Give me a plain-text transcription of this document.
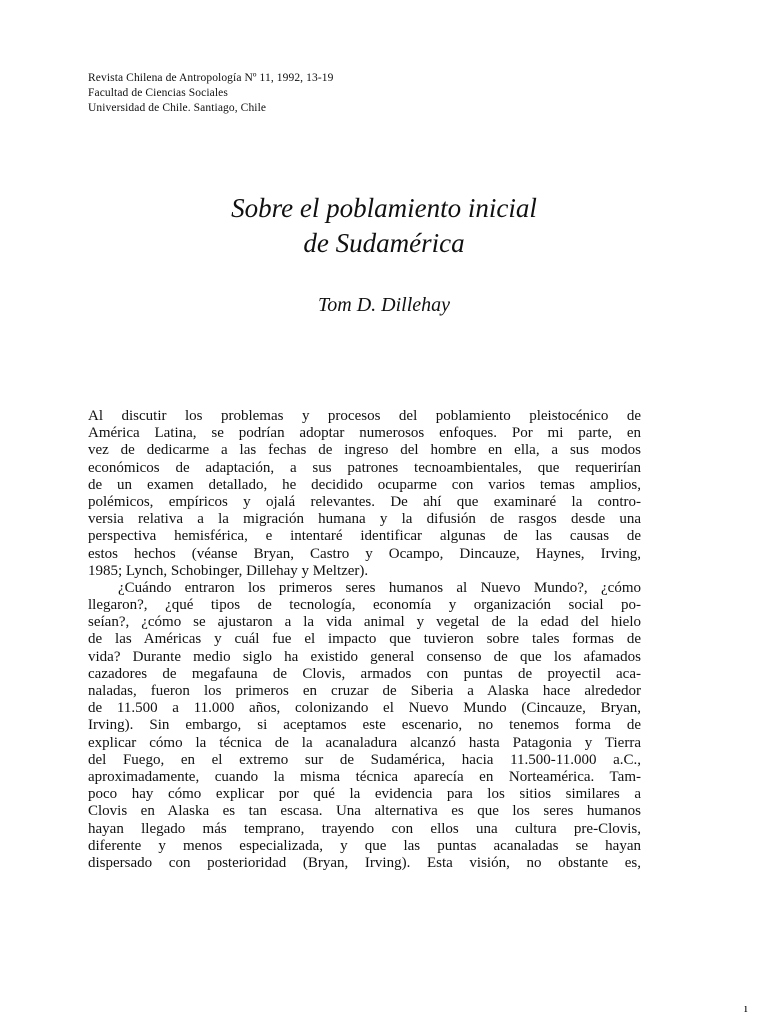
Revista Chilena de Antropología Nº 11, 1992, 13-19
Facultad de Ciencias Sociales
Universidad de Chile. Santiago, Chile
Sobre el poblamiento inicial
de Sudamérica
Tom D. Dillehay
Al discutir los problemas y procesos del poblamiento pleistocénico de
América Latina, se podrían adoptar numerosos enfoques. Por mi parte, en
vez de dedicarme a las fechas de ingreso del hombre en ella, a sus modos
económicos de adaptación, a sus patrones tecnoambientales, que requerirían
de un examen detallado, he decidido ocuparme con varios temas amplios,
polémicos, empíricos y ojalá relevantes. De ahí que examinaré la contro-
versia relativa a la migración humana y la difusión de rasgos desde una
perspectiva hemisférica, e intentaré identificar algunas de las causas de
estos hechos (véanse Bryan, Castro y Ocampo, Dincauze, Haynes, Irving,
1985; Lynch, Schobinger, Dillehay y Meltzer).
¿Cuándo entraron los primeros seres humanos al Nuevo Mundo?, ¿cómo
llegaron?, ¿qué tipos de tecnología, economía y organización social po-
seían?, ¿cómo se ajustaron a la vida animal y vegetal de la edad del hielo
de las Américas y cuál fue el impacto que tuvieron sobre tales formas de
vida? Durante medio siglo ha existido general consenso de que los afamados
cazadores de megafauna de Clovis, armados con puntas de proyectil aca-
naladas, fueron los primeros en cruzar de Siberia a Alaska hace alrededor
de 11.500 a 11.000 años, colonizando el Nuevo Mundo (Cincauze, Bryan,
Irving). Sin embargo, si aceptamos este escenario, no tenemos forma de
explicar cómo la técnica de la acanaladura alcanzó hasta Patagonia y Tierra
del Fuego, en el extremo sur de Sudamérica, hacia 11.500-11.000 a.C.,
aproximadamente, cuando la misma técnica aparecía en Norteamérica. Tam-
poco hay cómo explicar por qué la evidencia para los sitios similares a
Clovis en Alaska es tan escasa. Una alternativa es que los seres humanos
hayan llegado más temprano, trayendo con ellos una cultura pre-Clovis,
diferente y menos especializada, y que las puntas acanaladas se hayan
dispersado con posterioridad (Bryan, Irving). Esta visión, no obstante es,
ı
